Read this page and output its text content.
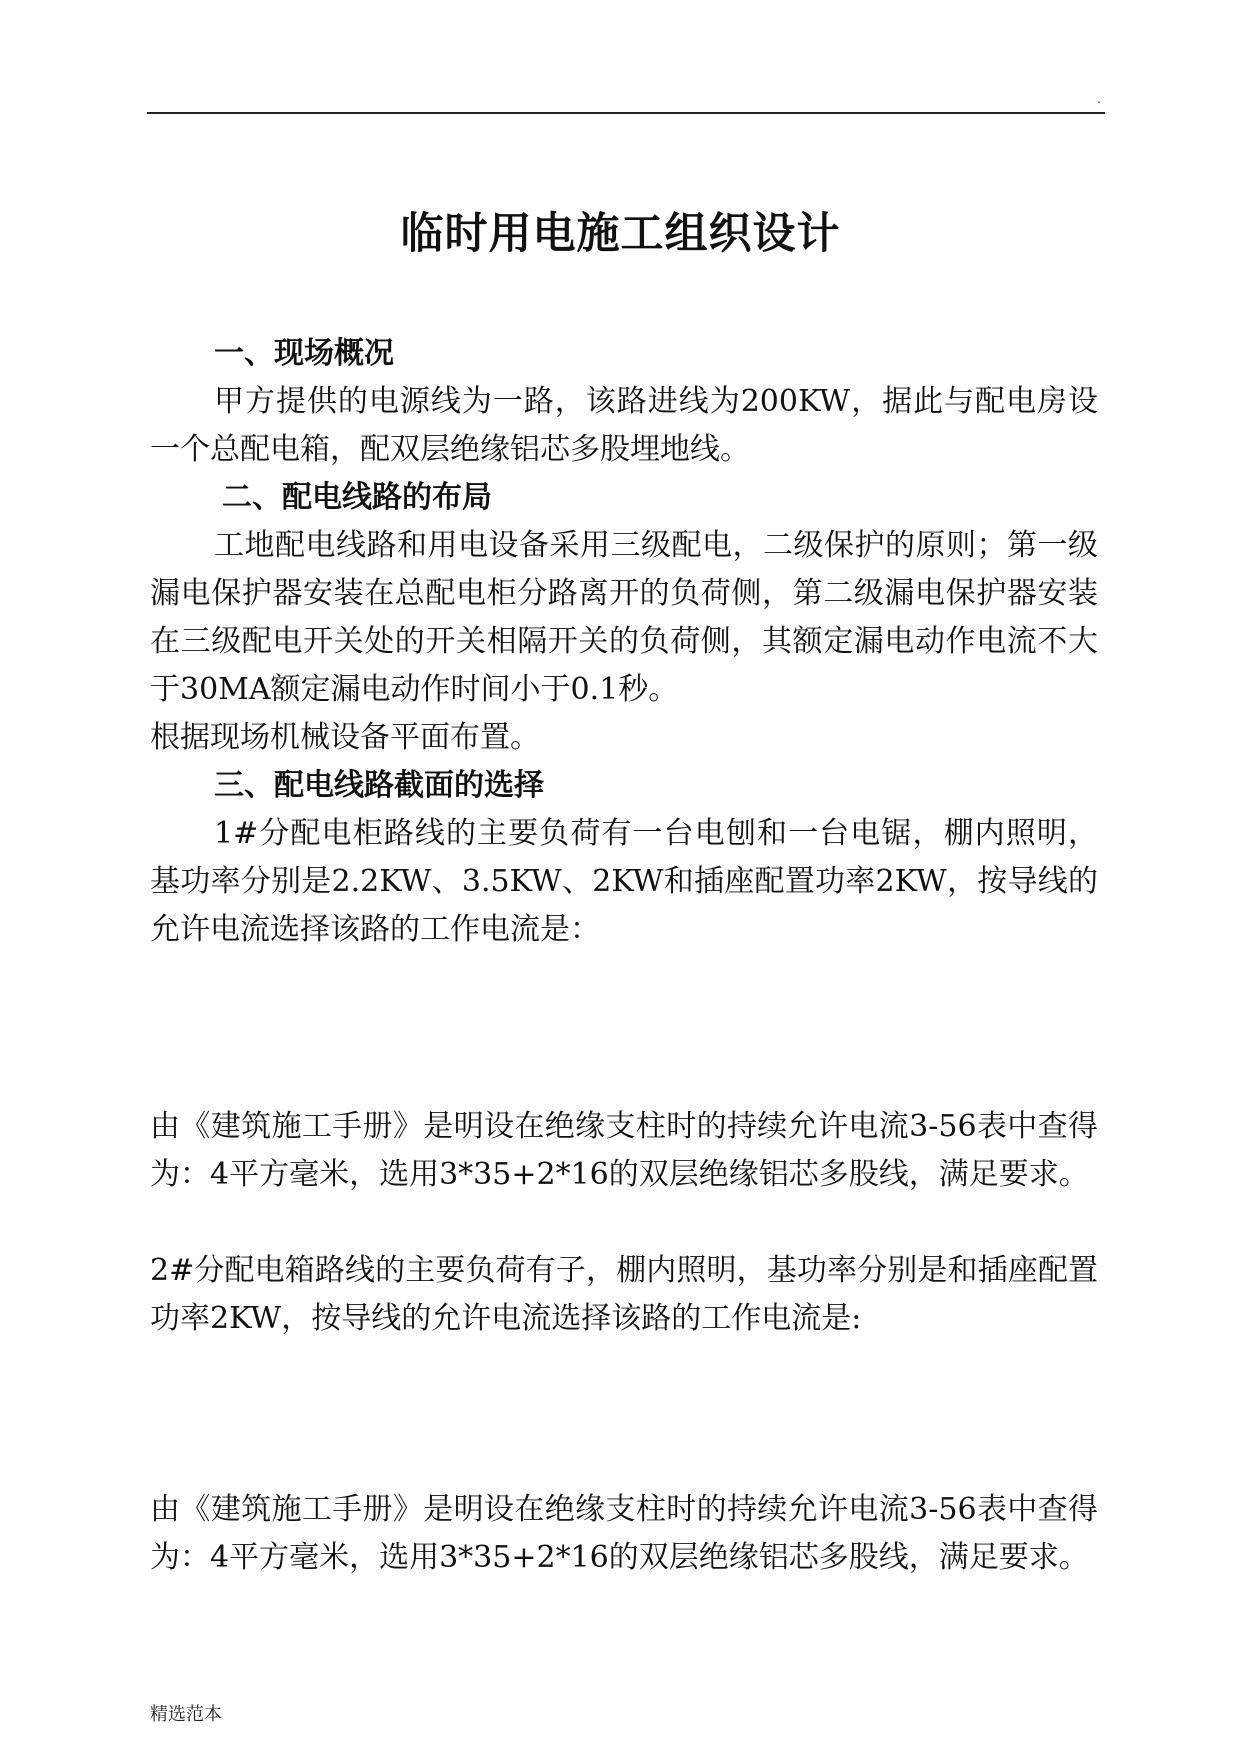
.
临时用电施工组织设计
一、现场概况

甲方提供的电源线为一路，该路进线为200KW，据此与配电房设一个总配电箱，配双层绝缘铝芯多股埋地线。

二、配电线路的布局

工地配电线路和用电设备采用三级配电，二级保护的原则；第一级漏电保护器安装在总配电柜分路离开的负荷侧，第二级漏电保护器安装在三级配电开关处的开关相隔开关的负荷侧，其额定漏电动作电流不大于30MA额定漏电动作时间小于0.1秒。

根据现场机械设备平面布置。

三、配电线路截面的选择

1#分配电柜路线的主要负荷有一台电刨和一台电锯，棚内照明，基功率分别是2.2KW、3.5KW、2KW和插座配置功率2KW，按导线的允许电流选择该路的工作电流是：

由《建筑施工手册》是明设在绝缘支柱时的持续允许电流3-56表中查得为：4平方毫米，选用3*35+2*16的双层绝缘铝芯多股线，满足要求。

2#分配电箱路线的主要负荷有子，棚内照明，基功率分别是和插座配置功率2KW，按导线的允许电流选择该路的工作电流是:

由《建筑施工手册》是明设在绝缘支柱时的持续允许电流3-56表中查得为：4平方毫米，选用3*35+2*16的双层绝缘铝芯多股线，满足要求。

精选范本
